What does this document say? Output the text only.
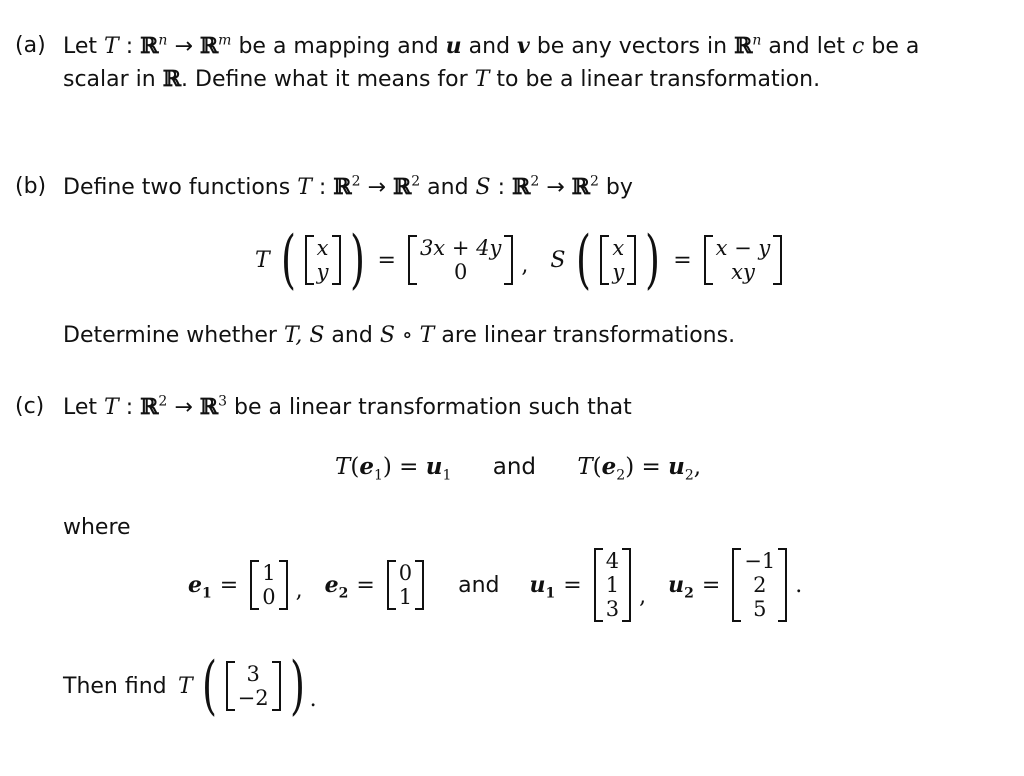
(a) Let T : ℝ$^n$ → ℝ$^m$ be a mapping and u and v be any vectors in ℝ$^n$ and let c be a
scalar in ℝ. Define what it means for T to be a linear transformation.
(b) Define two functions T : ℝ$^2$ → ℝ$^2$ and S : ℝ$^2$ → ℝ$^2$ by
T ( x
y ) = 3x + 4y
0	, S ( x
y ) = x − y
xy
Determine whether T, S and S ∘ T are linear transformations.
(c) Let T : ℝ$^2$ → ℝ$^3$ be a linear transformation such that
$T(e_1) = u_1$ and $T(e_2) = u_2$,
where
$e_1 = 1$
0 , $e_2 = 0$
1 and $u_1$ =
4
1
3 , $u_2$ =
−1
2
5
.
Then find T (	3
−2 ) .
